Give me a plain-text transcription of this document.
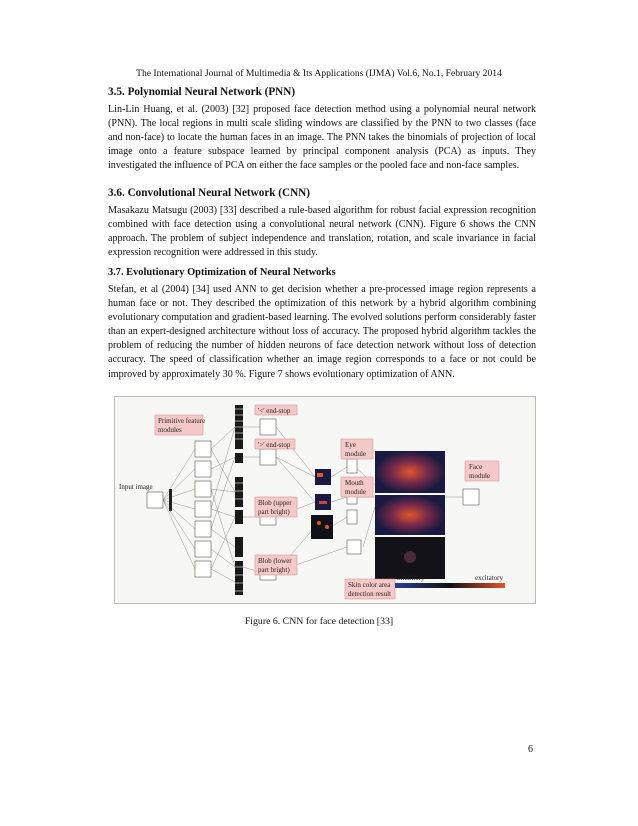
The International Journal of Multimedia & Its Applications (IJMA) Vol.6, No.1, February 2014
3.5. Polynomial Neural Network (PNN)

Lin-Lin Huang, et al. (2003) [32] proposed face detection method using a polynomial neural network (PNN). The local regions in multi scale sliding windows are classified by the PNN to two classes (face and non-face) to locate the human faces in an image. The PNN takes the binomials of projection of local image onto a feature subspace learned by principal component analysis (PCA) as inputs. They investigated the influence of PCA on either the face samples or the pooled face and non-face samples.

3.6. Convolutional Neural Network (CNN)

Masakazu Matsugu (2003) [33] described a rule-based algorithm for robust facial expression recognition combined with face detection using a convolutional neural network (CNN). Figure 6 shows the CNN approach. The problem of subject independence and translation, rotation, and scale invariance in facial expression recognition were addressed in this study.

3.7. Evolutionary Optimization of Neural Networks

Stefan, et al (2004) [34] used ANN to get decision whether a pre-processed image region represents a human face or not. They described the optimization of this network by a hybrid algorithm combining evolutionary computation and gradient-based learning. The evolved solutions perform considerably faster than an expert-designed architecture without loss of accuracy. The proposed hybrid algorithm tackles the problem of reducing the number of hidden neurons of face detection network without loss of detection accuracy. The speed of classification whether an image region corresponds to a face or not could be improved by approximately 30 %. Figure 7 shows evolutionary optimization of ANN.

Primitive feature
modules
'<' end-stop
'>' end-stop
Input image
Eye
module
Mouth
module
Blob (upper
part bright)
Blob (lower
part bright)
Face
module
Skin color area
detection result
inhibitory	excitatory
Figure 6. CNN for face detection [33]
6
